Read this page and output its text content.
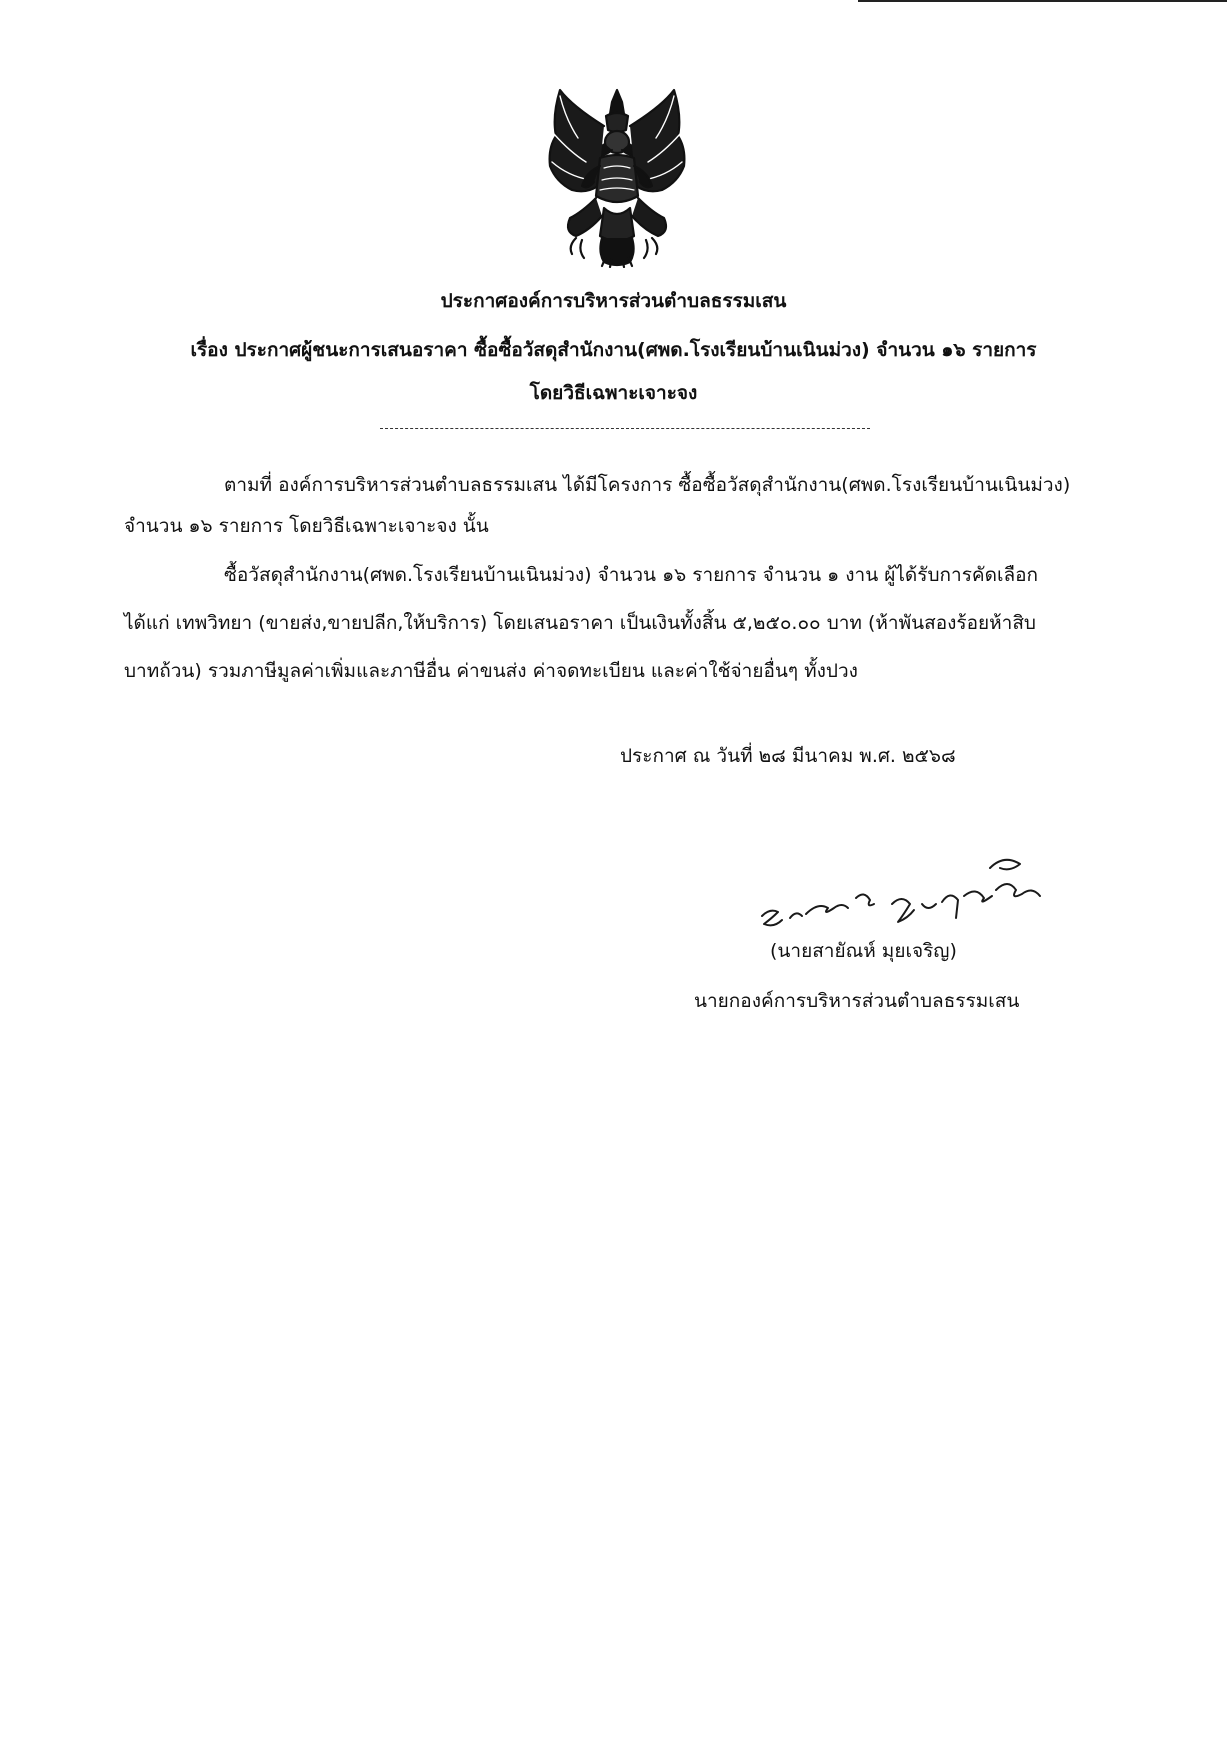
ประกาศองค์การบริหารส่วนตำบลธรรมเสน
เรื่อง ประกาศผู้ชนะการเสนอราคา ซื้อซื้อวัสดุสำนักงาน(ศพด.โรงเรียนบ้านเนินม่วง) จำนวน ๑๖ รายการ
โดยวิธีเฉพาะเจาะจง
ตามที่ องค์การบริหารส่วนตำบลธรรมเสน ได้มีโครงการ ซื้อซื้อวัสดุสำนักงาน(ศพด.โรงเรียนบ้านเนินม่วง)
จำนวน ๑๖ รายการ โดยวิธีเฉพาะเจาะจง นั้น
ซื้อวัสดุสำนักงาน(ศพด.โรงเรียนบ้านเนินม่วง) จำนวน ๑๖ รายการ จำนวน ๑ งาน ผู้ได้รับการคัดเลือก
ได้แก่ เทพวิทยา (ขายส่ง,ขายปลีก,ให้บริการ) โดยเสนอราคา เป็นเงินทั้งสิ้น ๕,๒๕๐.๐๐ บาท (ห้าพันสองร้อยห้าสิบ
บาทถ้วน) รวมภาษีมูลค่าเพิ่มและภาษีอื่น ค่าขนส่ง ค่าจดทะเบียน และค่าใช้จ่ายอื่นๆ ทั้งปวง
ประกาศ ณ วันที่ ๒๘ มีนาคม พ.ศ. ๒๕๖๘
(นายสายัณห์ มุยเจริญ)
นายกองค์การบริหารส่วนตำบลธรรมเสน
